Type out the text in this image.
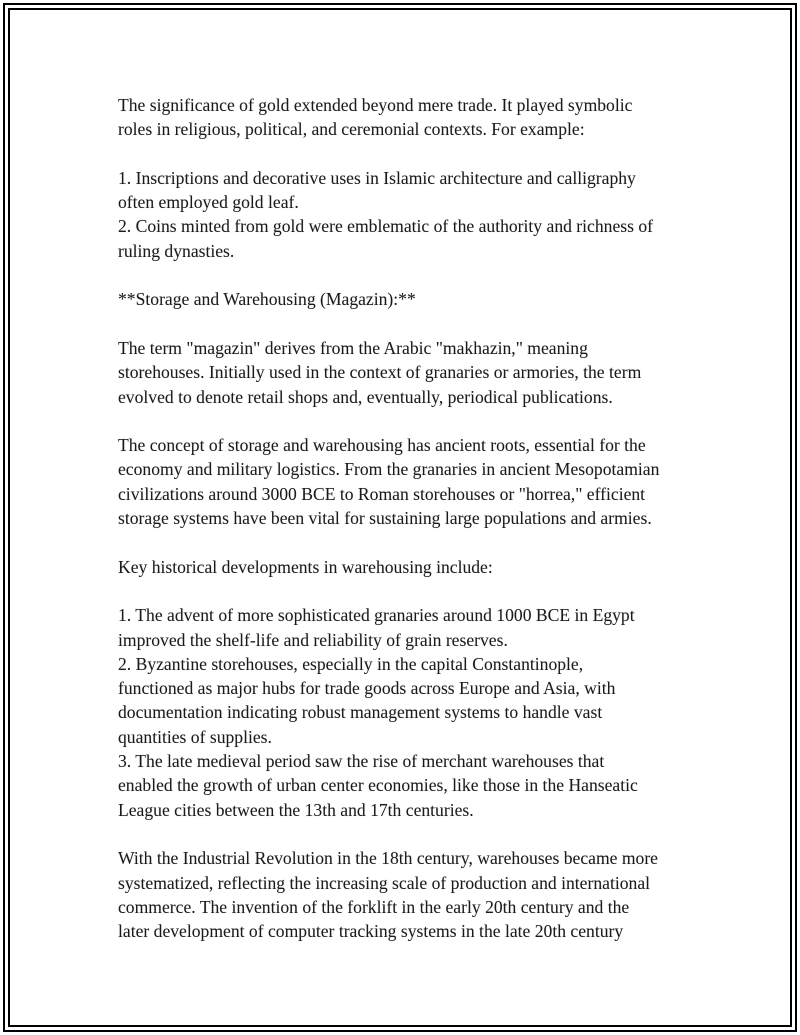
The significance of gold extended beyond mere trade. It played symbolic
roles in religious, political, and ceremonial contexts. For example:

1. Inscriptions and decorative uses in Islamic architecture and calligraphy
often employed gold leaf.
2. Coins minted from gold were emblematic of the authority and richness of
ruling dynasties.

**Storage and Warehousing (Magazin):**

The term "magazin" derives from the Arabic "makhazin," meaning
storehouses. Initially used in the context of granaries or armories, the term
evolved to denote retail shops and, eventually, periodical publications.

The concept of storage and warehousing has ancient roots, essential for the
economy and military logistics. From the granaries in ancient Mesopotamian
civilizations around 3000 BCE to Roman storehouses or "horrea," efficient
storage systems have been vital for sustaining large populations and armies.

Key historical developments in warehousing include:

1. The advent of more sophisticated granaries around 1000 BCE in Egypt
improved the shelf-life and reliability of grain reserves.
2. Byzantine storehouses, especially in the capital Constantinople,
functioned as major hubs for trade goods across Europe and Asia, with
documentation indicating robust management systems to handle vast
quantities of supplies.
3. The late medieval period saw the rise of merchant warehouses that
enabled the growth of urban center economies, like those in the Hanseatic
League cities between the 13th and 17th centuries.

With the Industrial Revolution in the 18th century, warehouses became more
systematized, reflecting the increasing scale of production and international
commerce. The invention of the forklift in the early 20th century and the
later development of computer tracking systems in the late 20th century
